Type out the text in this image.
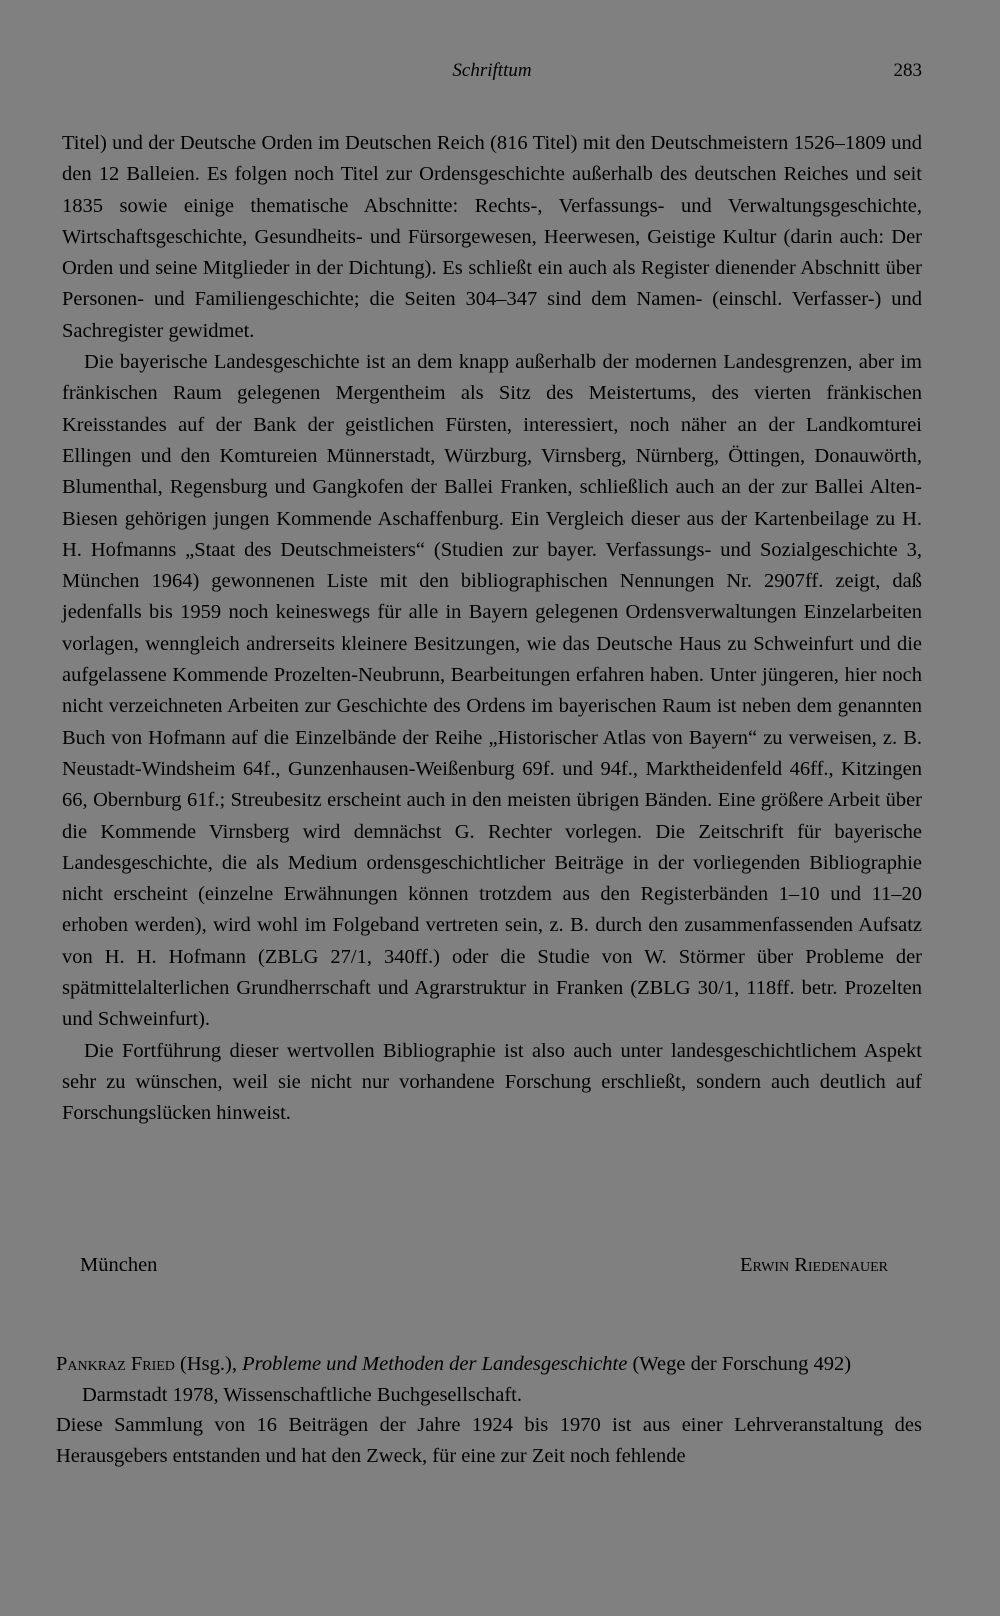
Schrifttum	283

Titel) und der Deutsche Orden im Deutschen Reich (816 Titel) mit den Deutschmeistern 1526–1809 und den 12 Balleien. Es folgen noch Titel zur Ordensgeschichte außerhalb des deutschen Reiches und seit 1835 sowie einige thematische Abschnitte: Rechts-, Verfassungs- und Verwaltungsgeschichte, Wirtschaftsgeschichte, Gesundheits- und Fürsorgewesen, Heerwesen, Geistige Kultur (darin auch: Der Orden und seine Mitglieder in der Dichtung). Es schließt ein auch als Register dienender Abschnitt über Personen- und Familiengeschichte; die Seiten 304–347 sind dem Namen- (einschl. Verfasser-) und Sachregister gewidmet.

Die bayerische Landesgeschichte ist an dem knapp außerhalb der modernen Landesgrenzen, aber im fränkischen Raum gelegenen Mergentheim als Sitz des Meistertums, des vierten fränkischen Kreisstandes auf der Bank der geistlichen Fürsten, interessiert, noch näher an der Landkomturei Ellingen und den Komtureien Münnerstadt, Würzburg, Virnsberg, Nürnberg, Öttingen, Donauwörth, Blumenthal, Regensburg und Gangkofen der Ballei Franken, schließlich auch an der zur Ballei Alten-Biesen gehörigen jungen Kommende Aschaffenburg. Ein Vergleich dieser aus der Kartenbeilage zu H. H. Hofmanns „Staat des Deutschmeisters“ (Studien zur bayer. Verfassungs- und Sozialgeschichte 3, München 1964) gewonnenen Liste mit den bibliographischen Nennungen Nr. 2907ff. zeigt, daß jedenfalls bis 1959 noch keineswegs für alle in Bayern gelegenen Ordensverwaltungen Einzelarbeiten vorlagen, wenngleich andrerseits kleinere Besitzungen, wie das Deutsche Haus zu Schweinfurt und die aufgelassene Kommende Prozelten-Neubrunn, Bearbeitungen erfahren haben. Unter jüngeren, hier noch nicht verzeichneten Arbeiten zur Geschichte des Ordens im bayerischen Raum ist neben dem genannten Buch von Hofmann auf die Einzelbände der Reihe „Historischer Atlas von Bayern“ zu verweisen, z. B. Neustadt-Windsheim 64f., Gunzenhausen-Weißenburg 69f. und 94f., Marktheidenfeld 46ff., Kitzingen 66, Obernburg 61f.; Streubesitz erscheint auch in den meisten übrigen Bänden. Eine größere Arbeit über die Kommende Virnsberg wird demnächst G. Rechter vorlegen. Die Zeitschrift für bayerische Landesgeschichte, die als Medium ordensgeschichtlicher Beiträge in der vorliegenden Bibliographie nicht erscheint (einzelne Erwähnungen können trotzdem aus den Registerbänden 1–10 und 11–20 erhoben werden), wird wohl im Folgeband vertreten sein, z. B. durch den zusammenfassenden Aufsatz von H. H. Hofmann (ZBLG 27/1, 340ff.) oder die Studie von W. Störmer über Probleme der spätmittelalterlichen Grundherrschaft und Agrarstruktur in Franken (ZBLG 30/1, 118ff. betr. Prozelten und Schweinfurt).

Die Fortführung dieser wertvollen Bibliographie ist also auch unter landesgeschichtlichem Aspekt sehr zu wünschen, weil sie nicht nur vorhandene Forschung erschließt, sondern auch deutlich auf Forschungslücken hinweist.

München	Erwin Riedenauer

Pankraz Fried (Hsg.), Probleme und Methoden der Landesgeschichte (Wege der Forschung 492) Darmstadt 1978, Wissenschaftliche Buchgesellschaft.

Diese Sammlung von 16 Beiträgen der Jahre 1924 bis 1970 ist aus einer Lehrveranstaltung des Herausgebers entstanden und hat den Zweck, für eine zur Zeit noch fehlende
